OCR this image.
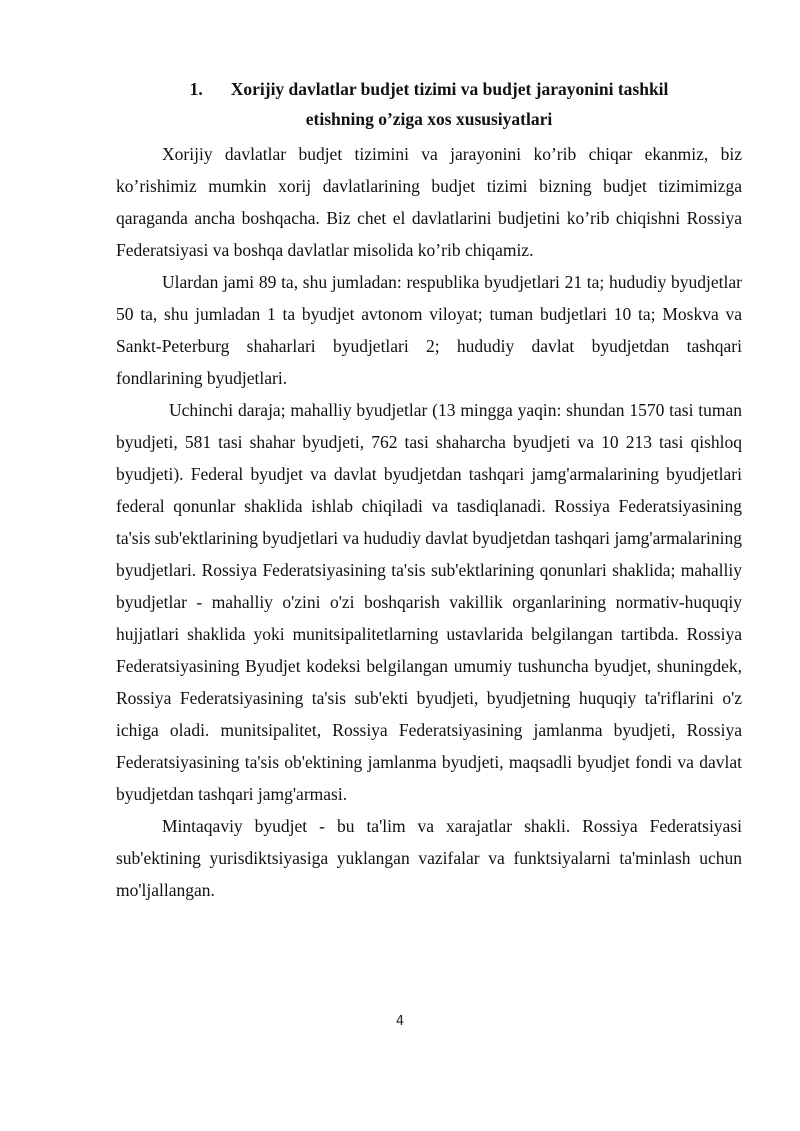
1. Xorijiy davlatlar budjet tizimi va budjet jarayonini tashkil
etishning o’ziga xos xususiyatlari

Xorijiy davlatlar budjet tizimini va jarayonini ko’rib chiqar ekanmiz, biz ko’rishimiz mumkin xorij davlatlarining budjet tizimi bizning budjet tizimimizga qaraganda ancha boshqacha. Biz chet el davlatlarini budjetini ko’rib chiqishni Rossiya Federatsiyasi va boshqa davlatlar misolida ko’rib chiqamiz.

Ulardan jami 89 ta, shu jumladan: respublika byudjetlari 21 ta; hududiy byudjetlar 50 ta, shu jumladan 1 ta byudjet avtonom viloyat; tuman budjetlari 10 ta; Moskva va Sankt-Peterburg shaharlari byudjetlari 2; hududiy davlat byudjetdan tashqari fondlarining byudjetlari.

Uchinchi daraja; mahalliy byudjetlar (13 mingga yaqin: shundan 1570 tasi tuman byudjeti, 581 tasi shahar byudjeti, 762 tasi shaharcha byudjeti va 10 213 tasi qishloq byudjeti). Federal byudjet va davlat byudjetdan tashqari jamg'armalarining byudjetlari federal qonunlar shaklida ishlab chiqiladi va tasdiqlanadi. Rossiya Federatsiyasining ta'sis sub'ektlarining byudjetlari va hududiy davlat byudjetdan tashqari jamg'armalarining byudjetlari. Rossiya Federatsiyasining ta'sis sub'ektlarining qonunlari shaklida; mahalliy byudjetlar - mahalliy o'zini o'zi boshqarish vakillik organlarining normativ-huquqiy hujjatlari shaklida yoki munitsipalitetlarning ustavlarida belgilangan tartibda. Rossiya Federatsiyasining Byudjet kodeksi belgilangan umumiy tushuncha byudjet, shuningdek, Rossiya Federatsiyasining ta'sis sub'ekti byudjeti, byudjetning huquqiy ta'riflarini o'z ichiga oladi. munitsipalitet, Rossiya Federatsiyasining jamlanma byudjeti, Rossiya Federatsiyasining ta'sis ob'ektining jamlanma byudjeti, maqsadli byudjet fondi va davlat byudjetdan tashqari jamg'armasi.

Mintaqaviy byudjet - bu ta'lim va xarajatlar shakli. Rossiya Federatsiyasi sub'ektining yurisdiktsiyasiga yuklangan vazifalar va funktsiyalarni ta'minlash uchun mo'ljallangan.

4
